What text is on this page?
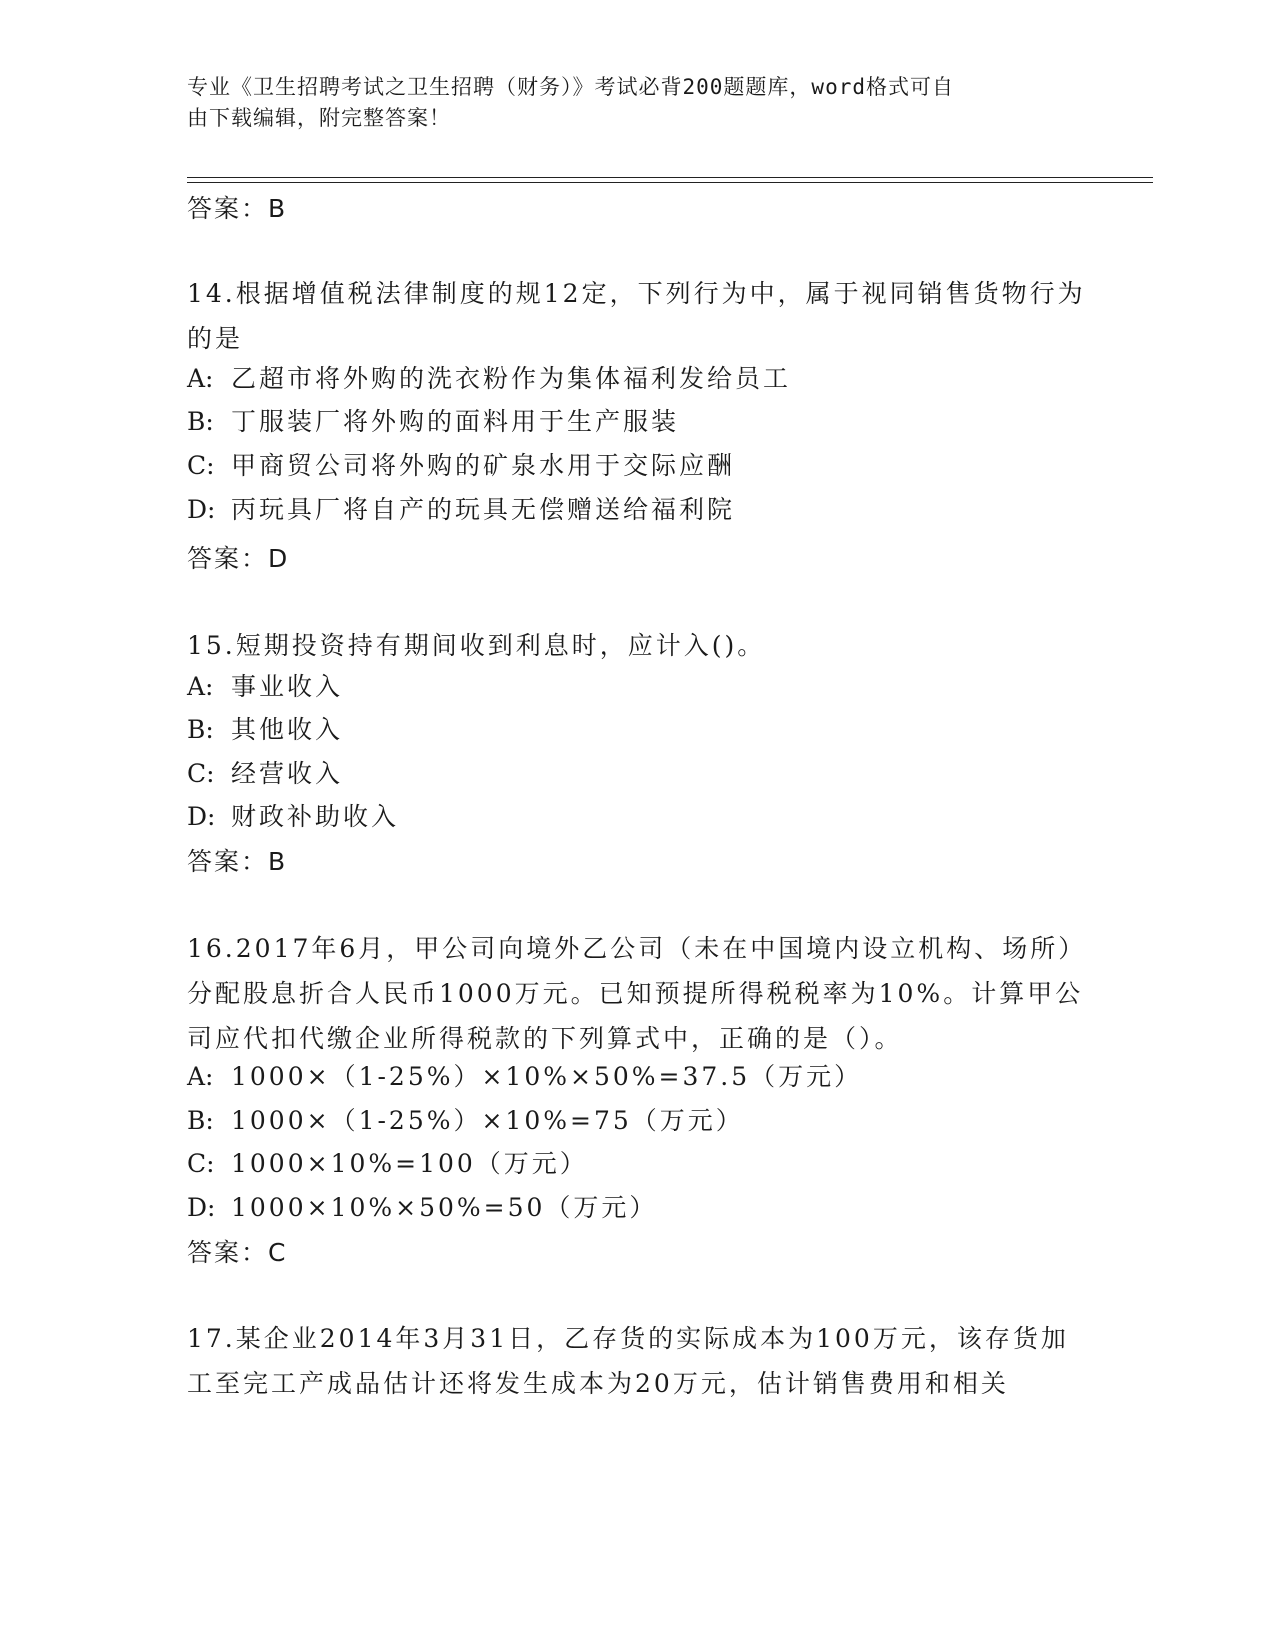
专业《卫生招聘考试之卫生招聘（财务）》考试必背200题题库，word格式可自
由下载编辑，附完整答案！
答案：B
14.根据增值税法律制度的规12定，下列行为中，属于视同销售货物行为的是
A: 乙超市将外购的洗衣粉作为集体福利发给员工
B: 丁服装厂将外购的面料用于生产服装
C: 甲商贸公司将外购的矿泉水用于交际应酬
D: 丙玩具厂将自产的玩具无偿赠送给福利院
答案：D
15.短期投资持有期间收到利息时，应计入()。
A: 事业收入
B: 其他收入
C: 经营收入
D: 财政补助收入
答案：B
16.2017年6月，甲公司向境外乙公司（未在中国境内设立机构、场所）分配股息折合人民币1000万元。已知预提所得税税率为10%。计算甲公司应代扣代缴企业所得税款的下列算式中，正确的是（）。
A: 1000×（1-25%）×10%×50%=37.5（万元）
B: 1000×（1-25%）×10%=75（万元）
C: 1000×10%=100（万元）
D: 1000×10%×50%=50（万元）
答案：C
17.某企业2014年3月31日，乙存货的实际成本为100万元，该存货加工至完工产成品估计还将发生成本为20万元，估计销售费用和相关
